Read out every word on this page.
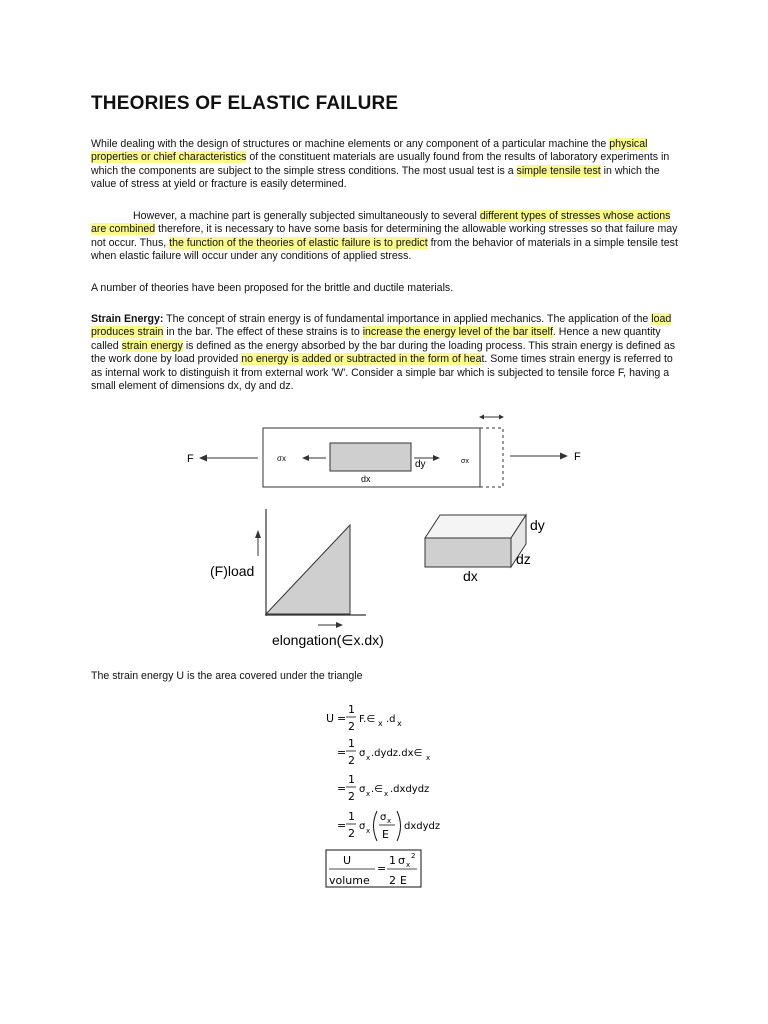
THEORIES OF ELASTIC FAILURE

While dealing with the design of structures or machine elements or any component of a particular machine the physical properties or chief characteristics of the constituent materials are usually found from the results of laboratory experiments in which the components are subject to the simple stress conditions. The most usual test is a simple tensile test in which the value of stress at yield or fracture is easily determined.

However, a machine part is generally subjected simultaneously to several different types of stresses whose actions are combined therefore, it is necessary to have some basis for determining the allowable working stresses so that failure may not occur. Thus, the function of the theories of elastic failure is to predict from the behavior of materials in a simple tensile test when elastic failure will occur under any conditions of applied stress.

A number of theories have been proposed for the brittle and ductile materials.

Strain Energy: The concept of strain energy is of fundamental importance in applied mechanics. The application of the load produces strain in the bar. The effect of these strains is to increase the energy level of the bar itself. Hence a new quantity called strain energy is defined as the energy absorbed by the bar during the loading process. This strain energy is defined as the work done by load provided no energy is added or subtracted in the form of heat. Some times strain energy is referred to as internal work to distinguish it from external work 'W'. Consider a simple bar which is subjected to tensile force F, having a small element of dimensions dx, dy and dz.

F	F
σx	σx
dx
dy
(F)load
elongation(∈x.dx)
dy
dz
dx

The strain energy U is the area covered under the triangle

U =
1
2
F.∈ x .d x
=
1
2
σ x .dydz.dx∈ x
=
1
2
σ x .∈ x .dxdydz
=
1
2
σ x
σ x
E
dxdydz
U
volume
=
1
2
σ x
2
E
